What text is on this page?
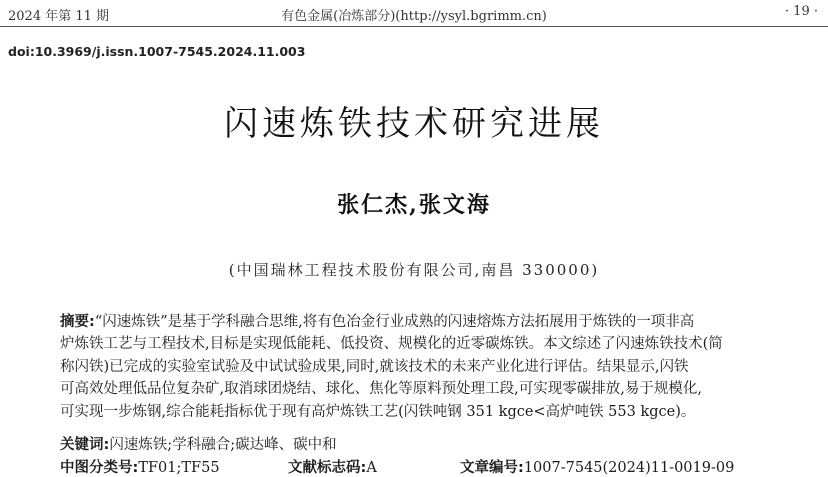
2024 年第 11 期	有色金属(冶炼部分)(http://ysyl.bgrimm.cn)	· 19 ·
doi:10.3969/j.issn.1007-7545.2024.11.003
闪速炼铁技术研究进展
张仁杰,张文海
(中国瑞林工程技术股份有限公司,南昌 330000)
摘要:“闪速炼铁”是基于学科融合思维,将有色冶金行业成熟的闪速熔炼方法拓展用于炼铁的一项非高
炉炼铁工艺与工程技术,目标是实现低能耗、低投资、规模化的近零碳炼铁。本文综述了闪速炼铁技术(简
称闪铁)已完成的实验室试验及中试试验成果,同时,就该技术的未来产业化进行评估。结果显示,闪铁
可高效处理低品位复杂矿,取消球团烧结、球化、焦化等原料预处理工段,可实现零碳排放,易于规模化,
可实现一步炼钢,综合能耗指标优于现有高炉炼铁工艺(闪铁吨钢 351 kgce<高炉吨铁 553 kgce)。
关键词:闪速炼铁;学科融合;碳达峰、碳中和
中图分类号:TF01;TF55	文献标志码:A	文章编号:1007-7545(2024)11-0019-09
